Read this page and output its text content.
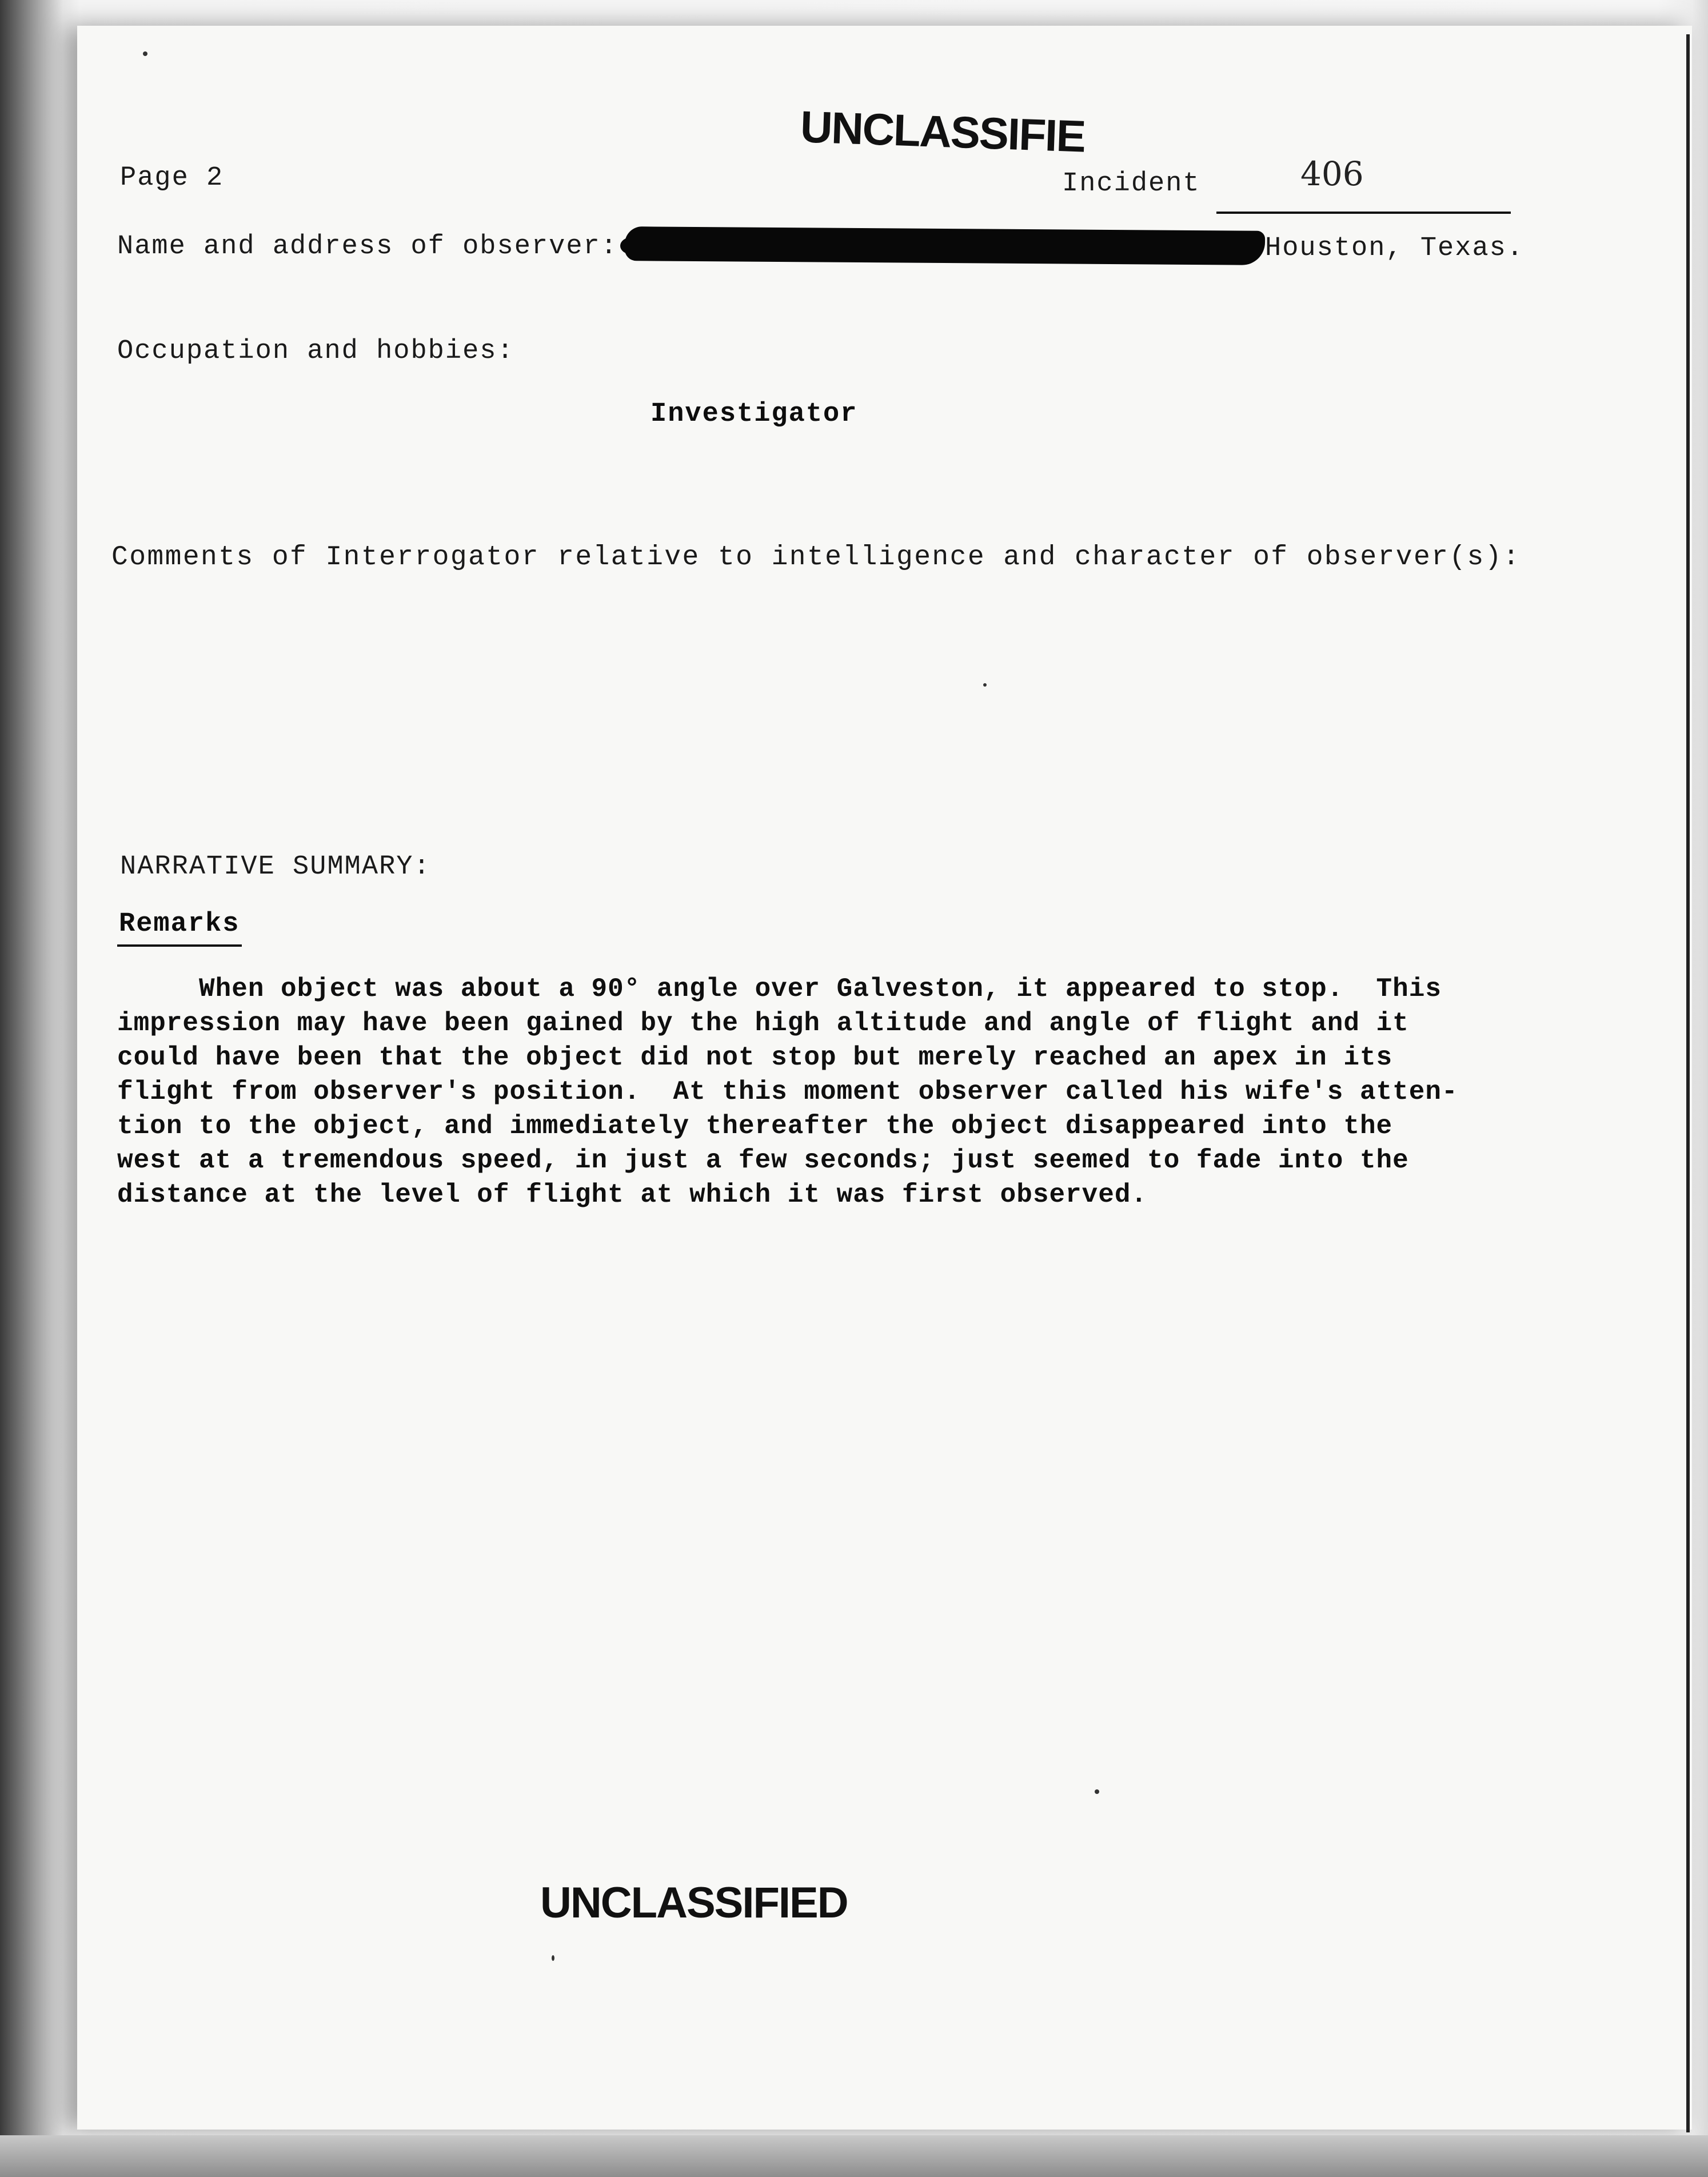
UNCLASSIFIE
Page 2	Incident	406
Name and address of observer:	Houston, Texas.
Occupation and hobbies:
Investigator
Comments of Interrogator relative to intelligence and character of observer(s):
NARRATIVE SUMMARY:
Remarks

When object was about a 90° angle over Galveston, it appeared to stop.  This

impression may have been gained by the high altitude and angle of flight and it

could have been that the object did not stop but merely reached an apex in its

flight from observer's position.  At this moment observer called his wife's atten-

tion to the object, and immediately thereafter the object disappeared into the

west at a tremendous speed, in just a few seconds; just seemed to fade into the

distance at the level of flight at which it was first observed.

UNCLASSIFIED
